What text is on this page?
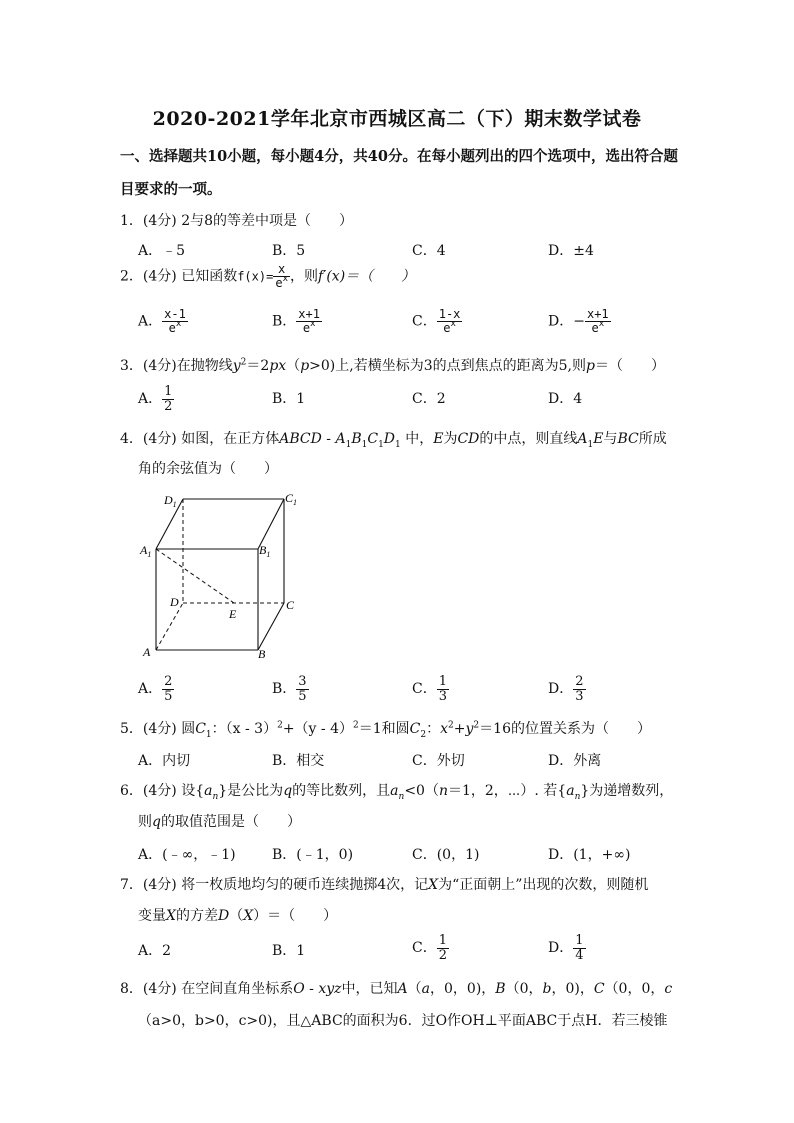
2020-2021学年北京市西城区高二（下）期末数学试卷
一、选择题共10小题，每小题4分，共40分。在每小题列出的四个选项中，选出符合题
目要求的一项。
1．(4分) 2与8的等差中项是（　　）
A．﹣5	B．5	C．4	D．±4
2．(4分) 已知函数$f(x)= \frac{x}{e^x}$ ，则f′(x)＝（　　）
A． $\frac{x-1}{e^x}$	B． $\frac{x+1}{e^x}$	C． $\frac{1-x}{e^x}$	D．− $\frac{x+1}{e^x}$
3．(4分)在抛物线$y^2=2px(p>0)$上,若横坐标为3的点到焦点的距离为5,则p＝（　　）
A． $\frac{1}{2}$	B．1	C．2	D．4
4．(4分) 如图，在正方体ABCD - $A_1B_1C_1D_1$ 中，E为CD的中点，则直线$A_1E$与BC所成
角的余弦值为（　　）
$D_1$	$C_1$
$A_1$	$B_1$
D
E
C
A	B
A． $\frac{2}{5}$	B． $\frac{3}{5}$	C． $\frac{1}{3}$	D． $\frac{2}{3}$
5．(4分) 圆$C_1$：（x - 3）$^2$+（y - 4）$^2$＝1和圆$C_2$：$x^2+y^2=16$的位置关系为（　　）
A．内切	B．相交	C．外切	D．外离
6．(4分) 设$\{a_n\}$是公比为q的等比数列，且$a_n<0(n=1$，2，⋯）. 若$\{a_n\}$为递增数列，
则q的取值范围是（　　）
A．(﹣∞，﹣1)	B．(﹣1，0)	C．(0，1)	D．(1，+∞)
7．(4分) 将一枚质地均匀的硬币连续抛掷4次，记X为“正面朝上”出现的次数，则随机
变量X的方差D（X）＝（　　）
A．2	B．1	C． $\frac{1}{2}$	D． $\frac{1}{4}$
8．(4分) 在空间直角坐标系O - xyz中，已知A（a，0，0)，B（0，b，0)，C（0，0，c
（a>0，b>0，c>0)，且△ABC的面积为6．过O作OH⊥平面ABC于点H．若三棱锥
